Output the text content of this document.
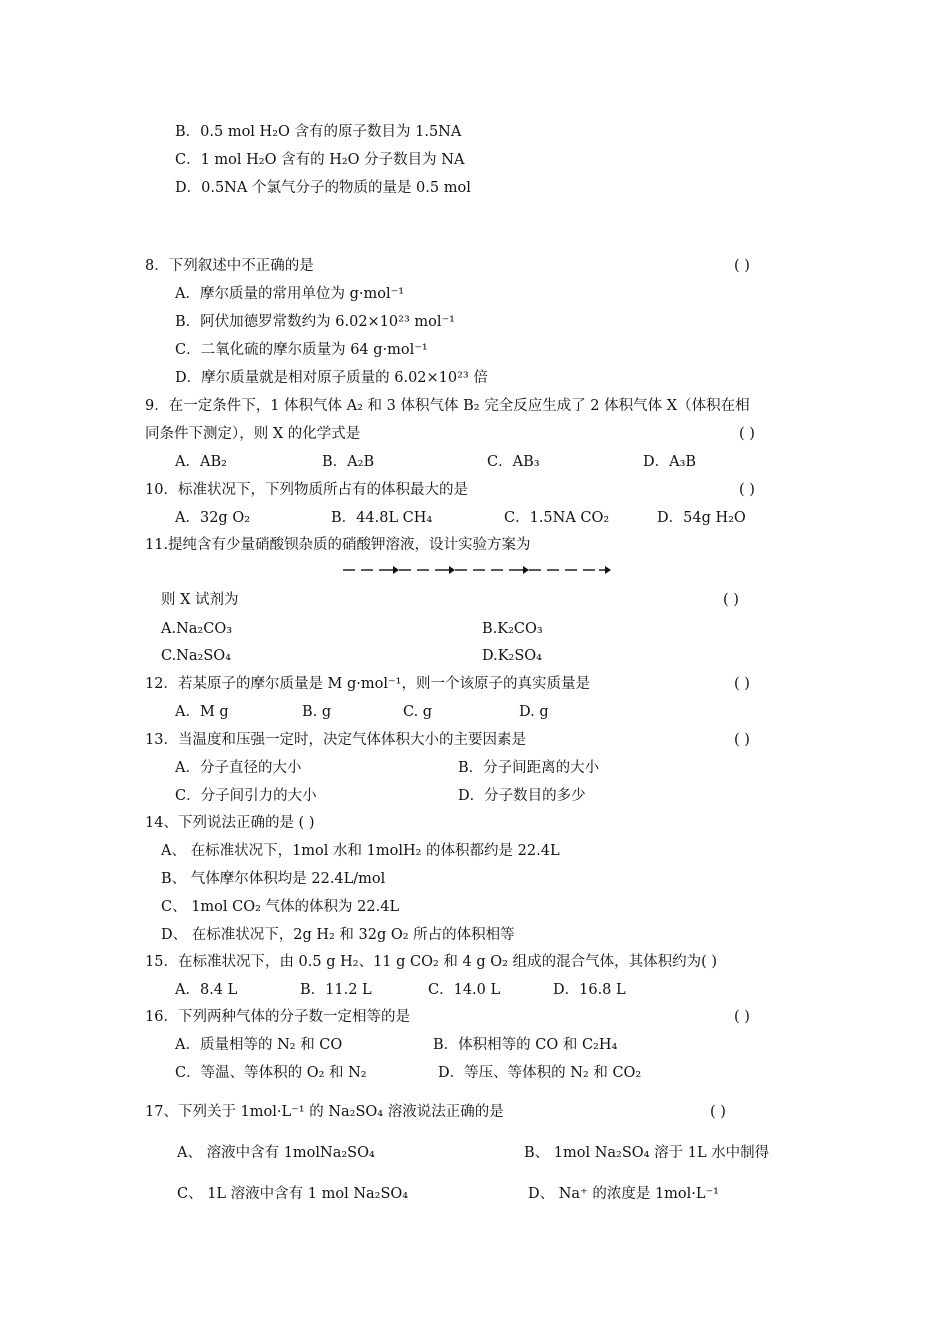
B．0.5 mol H₂O 含有的原子数目为 1.5NA
C．1 mol H₂O 含有的 H₂O 分子数目为 NA
D．0.5NA 个氯气分子的物质的量是 0.5 mol
8．下列叙述中不正确的是	( )
A．摩尔质量的常用单位为 g·mol⁻¹
B．阿伏加德罗常数约为 6.02×10²³ mol⁻¹
C．二氧化硫的摩尔质量为 64 g·mol⁻¹
D．摩尔质量就是相对原子质量的 6.02×10²³ 倍
9．在一定条件下，1 体积气体 A₂ 和 3 体积气体 B₂ 完全反应生成了 2 体积气体 X（体积在相
同条件下测定），则 X 的化学式是	( )
A．AB₂	B．A₂B	C．AB₃	D．A₃B
10．标准状况下，下列物质所占有的体积最大的是	( )
A．32g O₂	B．44.8L CH₄	C．1.5NA CO₂	D．54g H₂O
11.提纯含有少量硝酸钡杂质的硝酸钾溶液，设计实验方案为
则 X 试剂为	( )
A.Na₂CO₃	B.K₂CO₃
C.Na₂SO₄	D.K₂SO₄
12．若某原子的摩尔质量是 M g·mol⁻¹，则一个该原子的真实质量是	( )
A．M g	B. g	C. g	D. g
13．当温度和压强一定时，决定气体体积大小的主要因素是	( )
A．分子直径的大小	B．分子间距离的大小
C．分子间引力的大小	D．分子数目的多少
14、下列说法正确的是 ( )
A、 在标准状况下，1mol 水和 1molH₂ 的体积都约是 22.4L
B、 气体摩尔体积均是 22.4L/mol
C、 1mol CO₂ 气体的体积为 22.4L
D、 在标准状况下，2g H₂ 和 32g O₂ 所占的体积相等
15．在标准状况下，由 0.5 g H₂、11 g CO₂ 和 4 g O₂ 组成的混合气体，其体积约为( )
A．8.4 L	B．11.2 L	C．14.0 L	D．16.8 L
16．下列两种气体的分子数一定相等的是	( )
A．质量相等的 N₂ 和 CO	B．体积相等的 CO 和 C₂H₄
C．等温、等体积的 O₂ 和 N₂	D．等压、等体积的 N₂ 和 CO₂
17、下列关于 1mol·L⁻¹ 的 Na₂SO₄ 溶液说法正确的是	( )
A、 溶液中含有 1molNa₂SO₄	B、 1mol Na₂SO₄ 溶于 1L 水中制得
C、 1L 溶液中含有 1 mol Na₂SO₄	D、 Na⁺ 的浓度是 1mol·L⁻¹
